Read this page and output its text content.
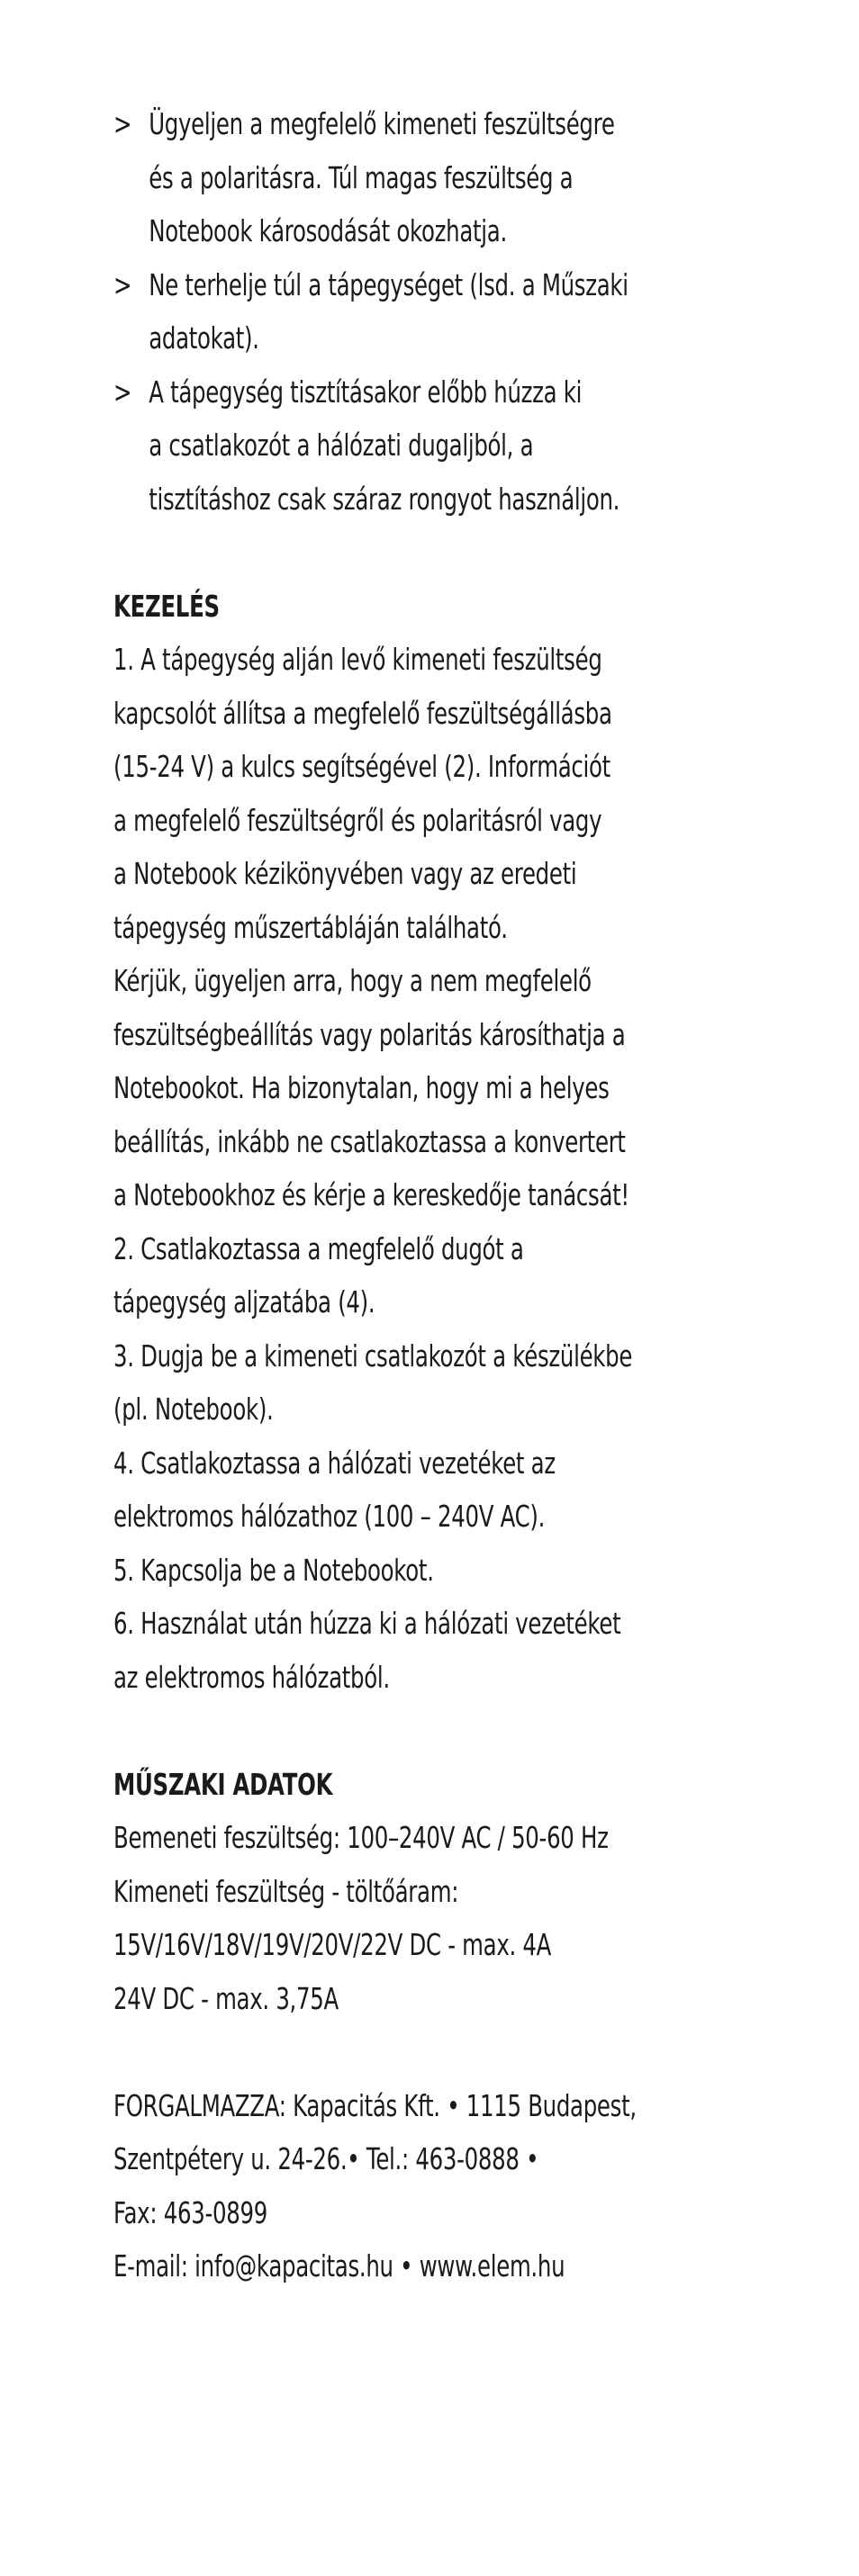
> Ügyeljen a megfelelő kimeneti feszültségre
és a polaritásra. Túl magas feszültség a
Notebook károsodását okozhatja.
> Ne terhelje túl a tápegységet (lsd. a Műszaki
adatokat).
> A tápegység tisztításakor előbb húzza ki
a csatlakozót a hálózati dugaljból, a
tisztításhoz csak száraz rongyot használjon.
KEZELÉS

1. A tápegység alján levő kimeneti feszültség
kapcsolót állítsa a megfelelő feszültségállásba
(15-24 V) a kulcs segítségével (2). Információt
a megfelelő feszültségről és polaritásról vagy
a Notebook kézikönyvében vagy az eredeti
tápegység műszertábláján található.

Kérjük, ügyeljen arra, hogy a nem megfelelő
feszültségbeállítás vagy polaritás károsíthatja a
Notebookot. Ha bizonytalan, hogy mi a helyes
beállítás, inkább ne csatlakoztassa a konvertert
a Notebookhoz és kérje a kereskedője tanácsát!

2. Csatlakoztassa a megfelelő dugót a
tápegység aljzatába (4).

3. Dugja be a kimeneti csatlakozót a készülékbe
(pl. Notebook).

4. Csatlakoztassa a hálózati vezetéket az
elektromos hálózathoz (100 – 240V AC).

5. Kapcsolja be a Notebookot.

6. Használat után húzza ki a hálózati vezetéket
az elektromos hálózatból.

MŰSZAKI ADATOK

Bemeneti feszültség: 100–240V AC / 50-60 Hz

Kimeneti feszültség - töltőáram:

15V/16V/18V/19V/20V/22V DC - max. 4A

24V DC - max. 3,75A

FORGALMAZZA: Kapacitás Kft. • 1115 Budapest,

Szentpétery u. 24-26.• Tel.: 463-0888 •

Fax: 463-0899

E-mail: info@kapacitas.hu • www.elem.hu
